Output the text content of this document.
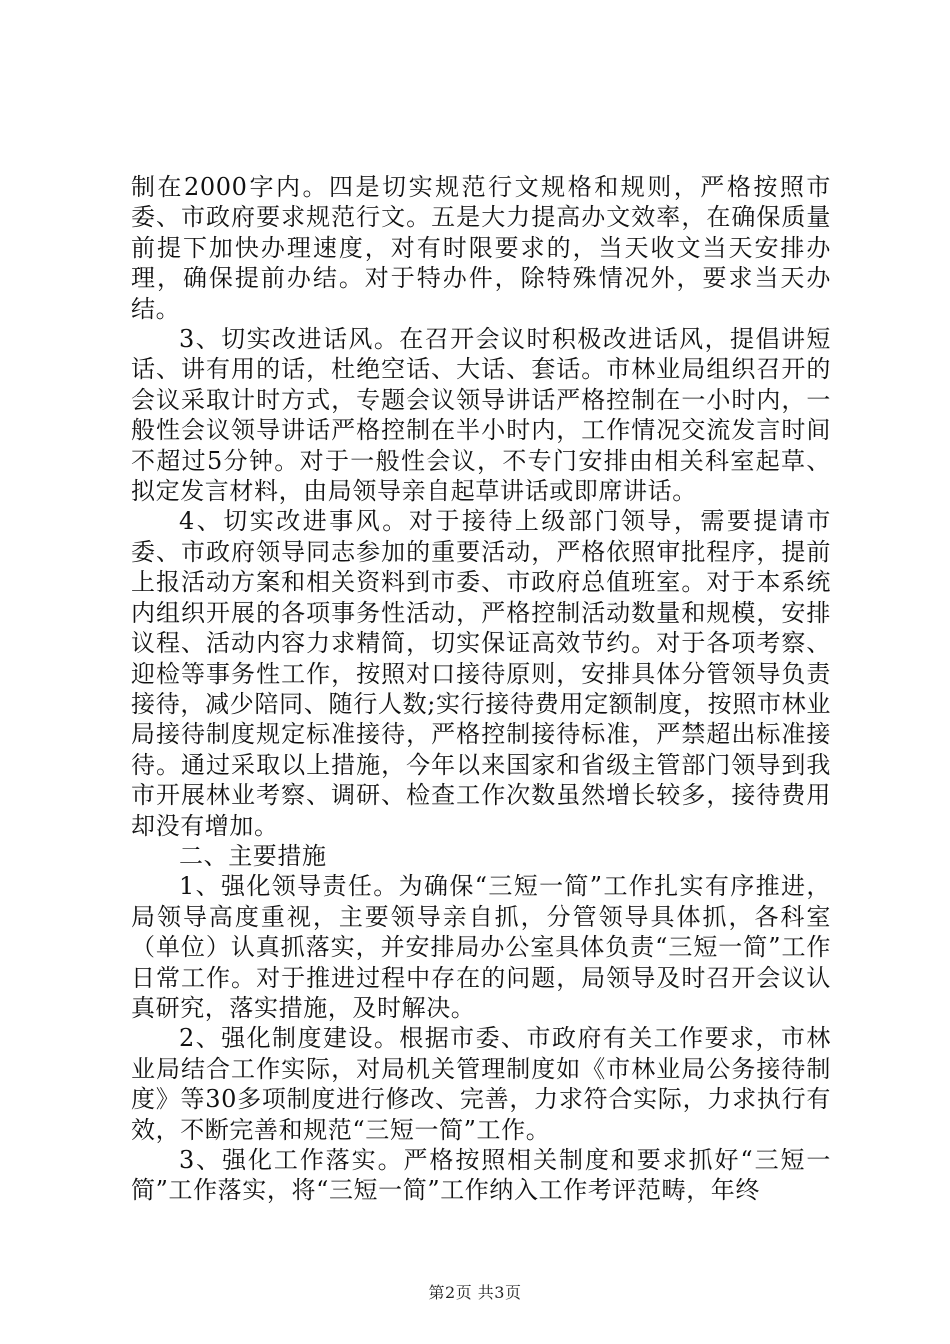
制在2000字内。四是切实规范行文规格和规则，严格按照市委、市政府要求规范行文。五是大力提高办文效率，在确保质量前提下加快办理速度，对有时限要求的，当天收文当天安排办理，确保提前办结。对于特办件，除特殊情况外，要求当天办结。

3、切实改进话风。在召开会议时积极改进话风，提倡讲短话、讲有用的话，杜绝空话、大话、套话。市林业局组织召开的会议采取计时方式，专题会议领导讲话严格控制在一小时内，一般性会议领导讲话严格控制在半小时内，工作情况交流发言时间不超过5分钟。对于一般性会议，不专门安排由相关科室起草、拟定发言材料，由局领导亲自起草讲话或即席讲话。

4、切实改进事风。对于接待上级部门领导，需要提请市委、市政府领导同志参加的重要活动，严格依照审批程序，提前上报活动方案和相关资料到市委、市政府总值班室。对于本系统内组织开展的各项事务性活动，严格控制活动数量和规模，安排议程、活动内容力求精简，切实保证高效节约。对于各项考察、迎检等事务性工作，按照对口接待原则，安排具体分管领导负责接待，减少陪同、随行人数;实行接待费用定额制度，按照市林业局接待制度规定标准接待，严格控制接待标准，严禁超出标准接待。通过采取以上措施，今年以来国家和省级主管部门领导到我市开展林业考察、调研、检查工作次数虽然增长较多，接待费用却没有增加。

二、主要措施

1、强化领导责任。为确保“三短一简”工作扎实有序推进，局领导高度重视，主要领导亲自抓，分管领导具体抓，各科室（单位）认真抓落实，并安排局办公室具体负责“三短一简”工作日常工作。对于推进过程中存在的问题，局领导及时召开会议认真研究，落实措施，及时解决。

2、强化制度建设。根据市委、市政府有关工作要求，市林业局结合工作实际，对局机关管理制度如《市林业局公务接待制度》等30多项制度进行修改、完善，力求符合实际，力求执行有效，不断完善和规范“三短一简”工作。

3、强化工作落实。严格按照相关制度和要求抓好“三短一简”工作落实，将“三短一简”工作纳入工作考评范畴，年终

第2页 共3页
